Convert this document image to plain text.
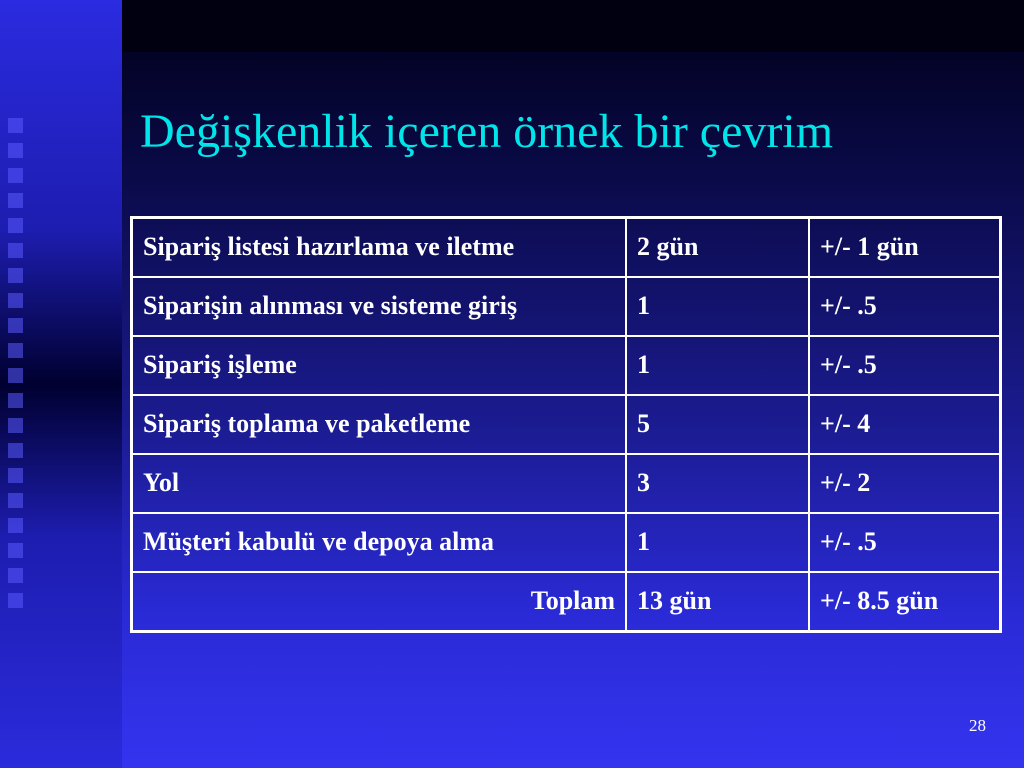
Değişkenlik içeren örnek bir çevrim
Sipariş listesi hazırlama ve iletme	2 gün	+/- 1 gün
Siparişin alınması ve sisteme giriş	1	+/- .5
Sipariş işleme	1	+/- .5
Sipariş toplama ve paketleme	5	+/- 4
Yol	3	+/- 2
Müşteri kabulü ve depoya alma	1	+/- .5
Toplam	13 gün	+/- 8.5 gün
28
